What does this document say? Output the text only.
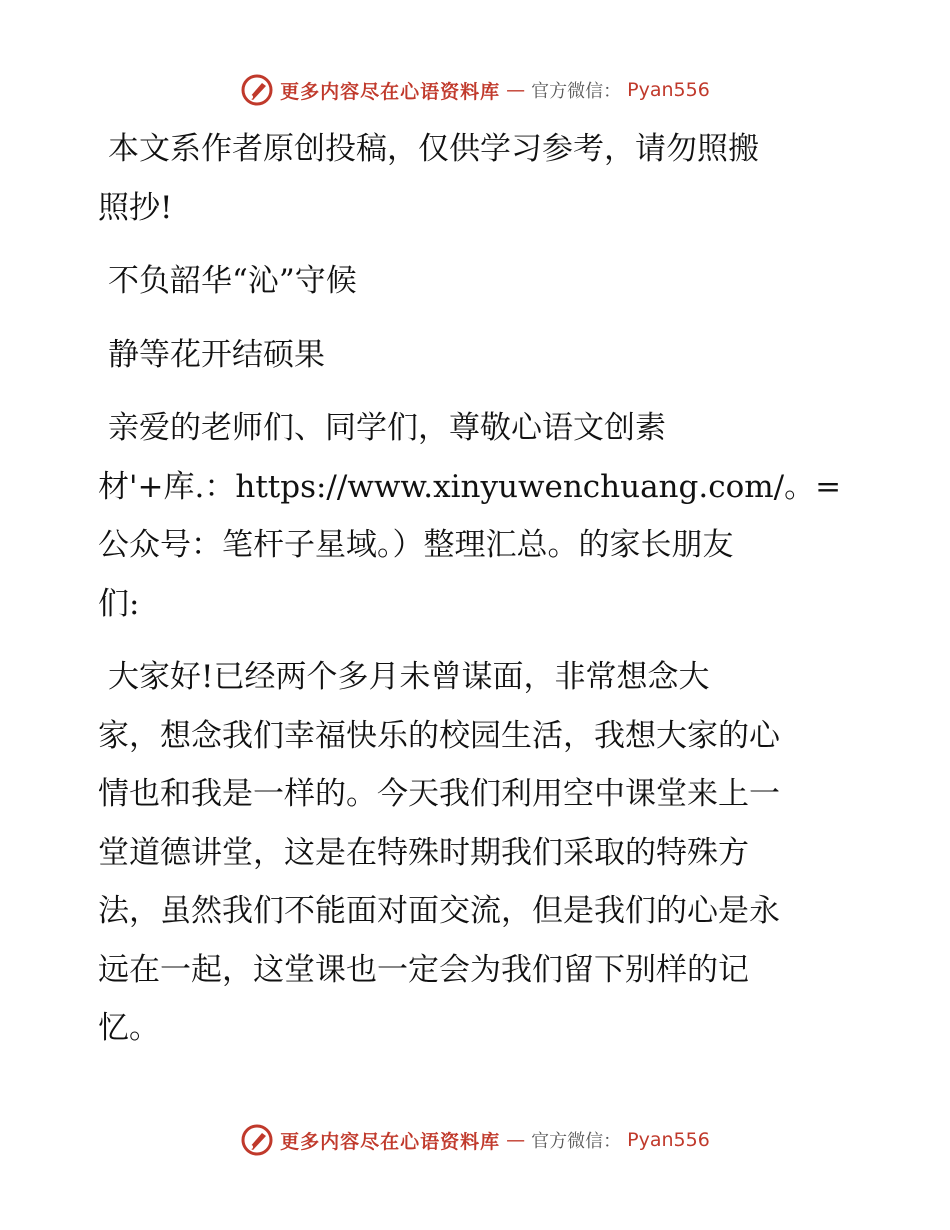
更多内容尽在心语资料库 — 官方微信： Pyan556

本文系作者原创投稿，仅供学习参考，请勿照搬
照抄!

不负韶华“沁”守候

静等花开结硕果

亲爱的老师们、同学们，尊敬心语文创素
材'+库.：https://www.xinyuwenchuang.com/。=
公众号：笔杆子星域。）整理汇总。的家长朋友
们:

大家好!已经两个多月未曾谋面，非常想念大
家，想念我们幸福快乐的校园生活，我想大家的心
情也和我是一样的。今天我们利用空中课堂来上一
堂道德讲堂，这是在特殊时期我们采取的特殊方
法，虽然我们不能面对面交流，但是我们的心是永
远在一起，这堂课也一定会为我们留下别样的记
忆。

更多内容尽在心语资料库 — 官方微信： Pyan556
